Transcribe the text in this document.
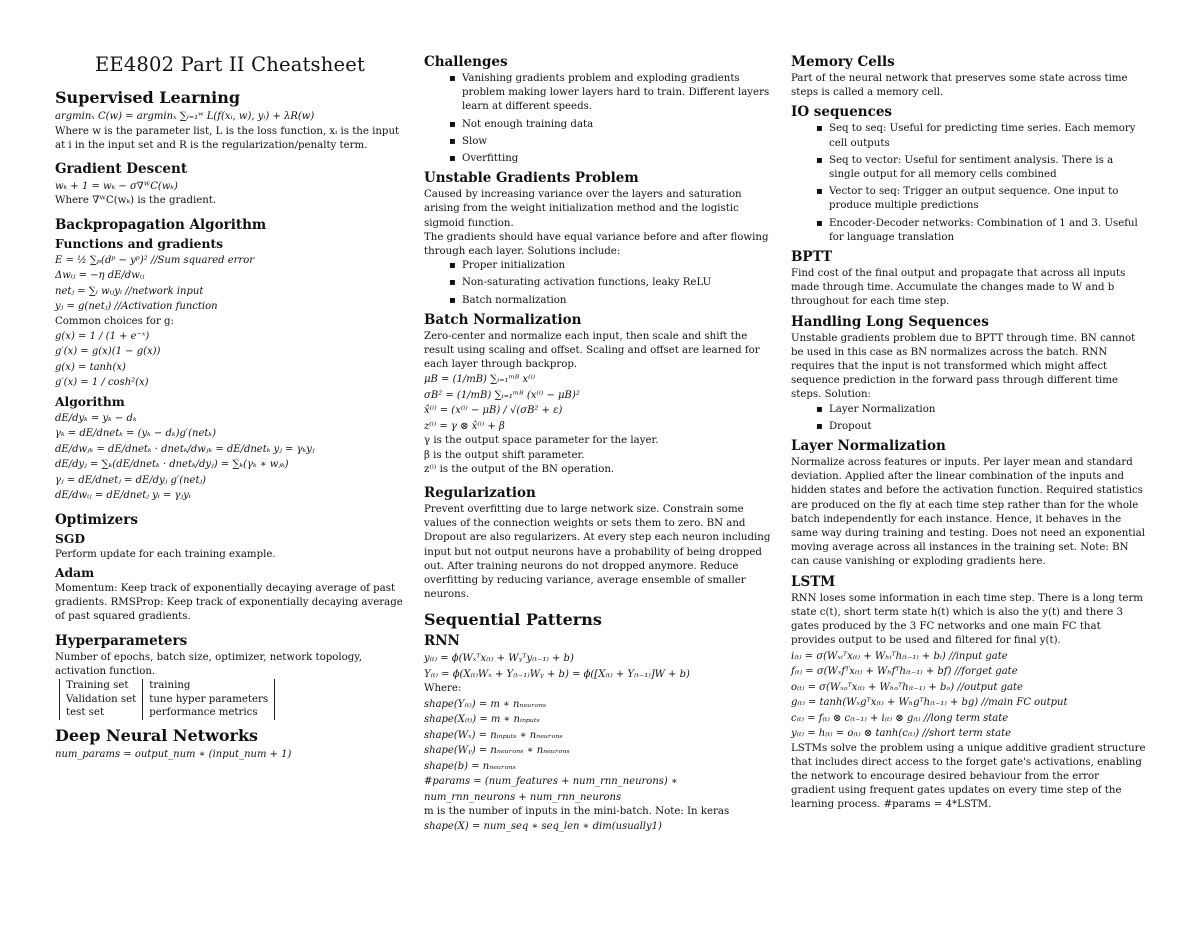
EE4802 Part II Cheatsheet
Supervised Learning

argminₓ C(w) = argminₓ ∑ᵢ₌₁ʷ L(f(xᵢ, w), yᵢ) + λR(w)

Where w is the parameter list, L is the loss function, xᵢ is the input at i in the input set and R is the regularization/penalty term.

Gradient Descent

wₖ + 1 = wₖ − σ∇ᵂC(wₖ)

Where ∇ᵂC(wₖ) is the gradient.

Backpropagation Algorithm
Functions and gradients

E = ½ ∑ₚ(dᵖ − yᵖ)² //Sum squared error

Δwᵢⱼ = −η dE/dwᵢⱼ

netⱼ = ∑ᵢ wᵢⱼyᵢ //network input

yⱼ = g(netⱼ) //Activation function

Common choices for g:

g(x) = 1 / (1 + e⁻ˣ)

g′(x) = g(x)(1 − g(x))

g(x) = tanh(x)

g′(x) = 1 / cosh²(x)

Algorithm

dE/dyₖ = yₖ − dₖ

γₖ = dE/dnetₖ = (yₖ − dₖ)g′(netₖ)

dE/dwⱼₖ = dE/dnetₖ · dnetₖ/dwⱼₖ = dE/dnetₖ yⱼ = γₖyⱼ

dE/dyⱼ = ∑ₖ(dE/dnetₖ · dnetₖ/dyⱼ) = ∑ₖ(γₖ ∗ wⱼₖ)

γⱼ = dE/dnetⱼ = dE/dyⱼ g′(netⱼ)

dE/dwᵢⱼ = dE/dnetⱼ yᵢ = γⱼyᵢ

Optimizers
SGD

Perform update for each training example.

Adam

Momentum: Keep track of exponentially decaying average of past gradients. RMSProp: Keep track of exponentially decaying average of past squared gradients.

Hyperparameters

Number of epochs, batch size, optimizer, network topology, activation function.

Training set	training
Validation set	tune hyper parameters
test set	performance metrics
Deep Neural Networks

num_params = output_num ∗ (input_num + 1)

Challenges
▪ Vanishing gradients problem and exploding gradients problem making lower layers hard to train. Different layers learn at different speeds.
▪ Not enough training data
▪ Slow
▪ Overfitting
Unstable Gradients Problem

Caused by increasing variance over the layers and saturation arising from the weight initialization method and the logistic sigmoid function.

The gradients should have equal variance before and after flowing through each layer. Solutions include:

▪ Proper initialization
▪ Non-saturating activation functions, leaky ReLU
▪ Batch normalization
Batch Normalization

Zero-center and normalize each input, then scale and shift the result using scaling and offset. Scaling and offset are learned for each layer through backprop.

μΒ = (1/mΒ) ∑ᵢ₌₁ᵐᴮ x⁽ⁱ⁾

σΒ² = (1/mΒ) ∑ᵢ₌₁ᵐᴮ (x⁽ⁱ⁾ − μΒ)²

x̂⁽ⁱ⁾ = (x⁽ⁱ⁾ − μΒ) / √(σΒ² + ε)

z⁽ⁱ⁾ = γ ⊗ x̂⁽ⁱ⁾ + β

γ is the output space parameter for the layer.

β is the output shift parameter.

z⁽ⁱ⁾ is the output of the BN operation.

Regularization

Prevent overfitting due to large network size. Constrain some values of the connection weights or sets them to zero. BN and Dropout are also regularizers. At every step each neuron including input but not output neurons have a probability of being dropped out. After training neurons do not dropped anymore. Reduce overfitting by reducing variance, average ensemble of smaller neurons.

Sequential Patterns
RNN

y₍ₜ₎ = ϕ(Wₓᵀx₍ₜ₎ + Wᵧᵀy₍ₜ₋₁₎ + b)

Y₍ₜ₎ = ϕ(X₍ₜ₎Wₓ + Y₍ₜ₋₁₎Wᵧ + b) = ϕ([X₍ₜ₎ + Y₍ₜ₋₁₎]W + b)

Where:

shape(Y₍ₜ₎) = m ∗ nₙₑᵤᵣₒₙₛ

shape(X₍ₜ₎) = m ∗ nᵢₙₚᵤₜₛ

shape(Wₓ) = nᵢₙₚᵤₜₛ ∗ nₙₑᵤᵣₒₙₛ

shape(Wᵧ) = nₙₑᵤᵣₒₙₛ ∗ nₙₑᵤᵣₒₙₛ

shape(b) = nₙₑᵤᵣₒₙₛ

#params = (num_features + num_rnn_neurons) ∗

num_rnn_neurons + num_rnn_neurons

m is the number of inputs in the mini-batch. Note: In keras

shape(X) = num_seq ∗ seq_len ∗ dim(usually1)

Memory Cells

Part of the neural network that preserves some state across time steps is called a memory cell.

IO sequences
▪ Seq to seq: Useful for predicting time series. Each memory cell outputs
▪ Seq to vector: Useful for sentiment analysis. There is a single output for all memory cells combined
▪ Vector to seq: Trigger an output sequence. One input to produce multiple predictions
▪ Encoder-Decoder networks: Combination of 1 and 3. Useful for language translation
BPTT

Find cost of the final output and propagate that across all inputs made through time. Accumulate the changes made to W and b throughout for each time step.

Handling Long Sequences

Unstable gradients problem due to BPTT through time. BN cannot be used in this case as BN normalizes across the batch. RNN requires that the input is not transformed which might affect sequence prediction in the forward pass through different time steps. Solution:

▪ Layer Normalization
▪ Dropout
Layer Normalization

Normalize across features or inputs. Per layer mean and standard deviation. Applied after the linear combination of the inputs and hidden states and before the activation function. Required statistics are produced on the fly at each time step rather than for the whole batch independently for each instance. Hence, it behaves in the same way during training and testing. Does not need an exponential moving average across all instances in the training set. Note: BN can cause vanishing or exploding gradients here.

LSTM

RNN loses some information in each time step. There is a long term state c(t), short term state h(t) which is also the y(t) and there 3 gates produced by the 3 FC networks and one main FC that provides output to be used and filtered for final y(t).

i₍ₜ₎ = σ(Wₓᵢᵀx₍ₜ₎ + Wₕᵢᵀh₍ₜ₋₁₎ + bᵢ) //input gate

f₍ₜ₎ = σ(Wₓfᵀx₍ₜ₎ + Wₕfᵀh₍ₜ₋₁₎ + bf) //forget gate

o₍ₜ₎ = σ(Wₓₒᵀx₍ₜ₎ + Wₕₒᵀh₍ₜ₋₁₎ + bₒ) //output gate

g₍ₜ₎ = tanh(Wₓgᵀx₍ₜ₎ + Wₕgᵀh₍ₜ₋₁₎ + bg) //main FC output

c₍ₜ₎ = f₍ₜ₎ ⊗ c₍ₜ₋₁₎ + i₍ₜ₎ ⊗ g₍ₜ₎ //long term state

y₍ₜ₎ = h₍ₜ₎ = o₍ₜ₎ ⊗ tanh(c₍ₜ₎) //short term state

LSTMs solve the problem using a unique additive gradient structure that includes direct access to the forget gate's activations, enabling the network to encourage desired behaviour from the error gradient using frequent gates updates on every time step of the learning process. #params = 4*LSTM.
